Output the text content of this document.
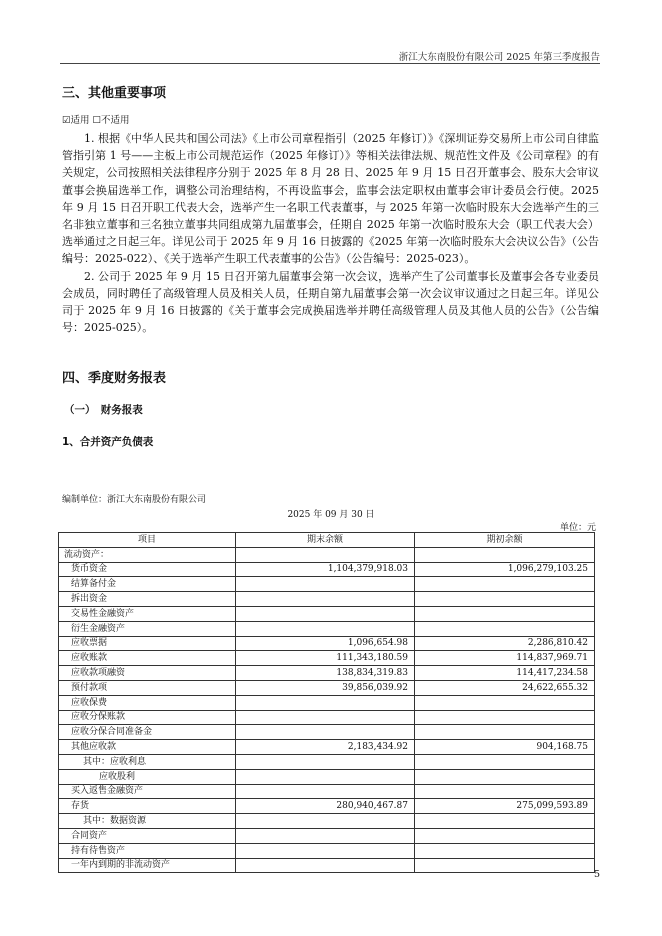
浙江大东南股份有限公司 2025 年第三季度报告
三、其他重要事项
☑适用 ☐不适用

1. 根据《中华人民共和国公司法》《上市公司章程指引（2025 年修订）》《深圳证券交易所上市公司自律监管指引第 1 号——主板上市公司规范运作（2025 年修订）》等相关法律法规、规范性文件及《公司章程》的有关规定，公司按照相关法律程序分别于 2025 年 8 月 28 日、2025 年 9 月 15 日召开董事会、股东大会审议董事会换届选举工作，调整公司治理结构，不再设监事会，监事会法定职权由董事会审计委员会行使。2025 年 9 月 15 日召开职工代表大会，选举产生一名职工代表董事，与 2025 年第一次临时股东大会选举产生的三名非独立董事和三名独立董事共同组成第九届董事会，任期自 2025 年第一次临时股东大会（职工代表大会）选举通过之日起三年。详见公司于 2025 年 9 月 16 日披露的《2025 年第一次临时股东大会决议公告》（公告编号：2025-022）、《关于选举产生职工代表董事的公告》（公告编号：2025-023）。

2. 公司于 2025 年 9 月 15 日召开第九届董事会第一次会议，选举产生了公司董事长及董事会各专业委员会成员，同时聘任了高级管理人员及相关人员，任期自第九届董事会第一次会议审议通过之日起三年。详见公司于 2025 年 9 月 16 日披露的《关于董事会完成换届选举并聘任高级管理人员及其他人员的公告》（公告编号：2025-025）。

四、季度财务报表
（一）　财务报表
1、合并资产负债表
编制单位：浙江大东南股份有限公司
2025 年 09 月 30 日
单位：元
项目	期末余额	期初余额
流动资产：		
货币资金	1,104,379,918.03	1,096,279,103.25
结算备付金		
拆出资金		
交易性金融资产		
衍生金融资产		
应收票据	1,096,654.98	2,286,810.42
应收账款	111,343,180.59	114,837,969.71
应收款项融资	138,834,319.83	114,417,234.58
预付款项	39,856,039.92	24,622,655.32
应收保费		
应收分保账款		
应收分保合同准备金		
其他应收款	2,183,434.92	904,168.75
其中：应收利息		
应收股利		
买入返售金融资产		
存货	280,940,467.87	275,099,593.89
其中：数据资源		
合同资产		
持有待售资产		
一年内到期的非流动资产		
5
